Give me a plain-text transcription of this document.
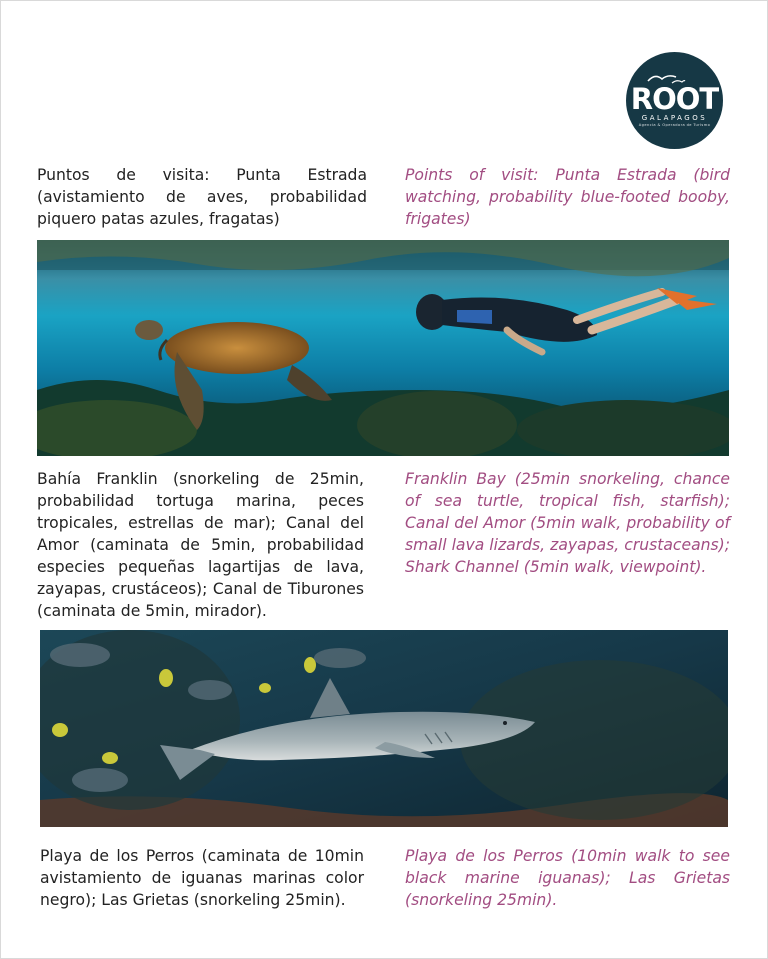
ROOT
GALAPAGOS
Agencia & Operadora de Turismo

Puntos de visita: Punta Estrada (avistamiento de aves, probabilidad piquero patas azules, fragatas)

Points of visit: Punta Estrada (bird watching, probability blue-footed booby, frigates)

Bahía Franklin (snorkeling de 25min, probabilidad tortuga marina, peces tropicales, estrellas de mar); Canal del Amor (caminata de 5min, probabilidad especies pequeñas lagartijas de lava, zayapas, crustáceos); Canal de Tiburones (caminata de 5min, mirador).

Franklin Bay (25min snorkeling, chance of sea turtle, tropical fish, starfish); Canal del Amor (5min walk, probability of small lava lizards, zayapas, crustaceans); Shark Channel (5min walk, viewpoint).

Playa de los Perros (caminata de 10min avistamiento de iguanas marinas color negro); Las Grietas (snorkeling 25min).

Playa de los Perros (10min walk to see black marine iguanas); Las Grietas (snorkeling 25min).
